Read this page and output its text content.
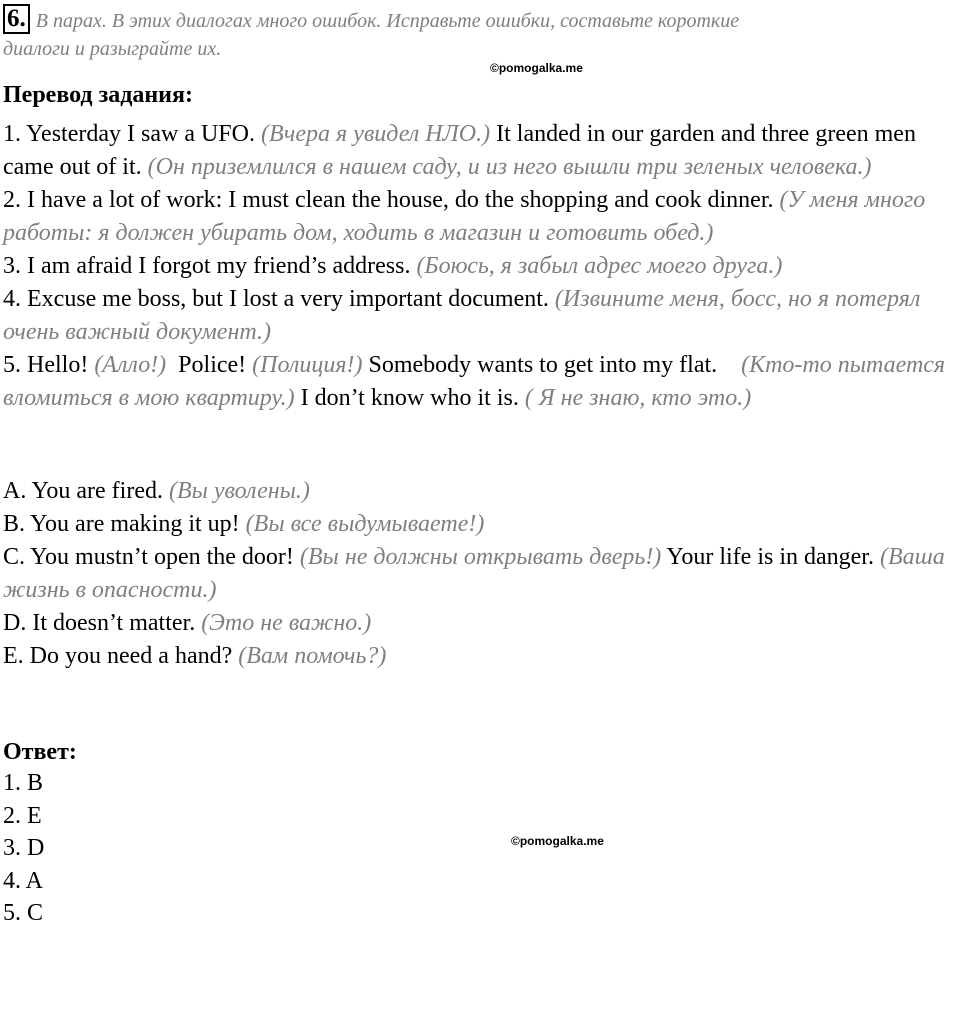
6. В парах. В этих диалогах много ошибок. Исправьте ошибки, составьте короткие
диалоги и разыграйте их.
Перевод задания:
1. Yesterday I saw a UFO. (Вчера я увидел НЛО.) It landed in our garden and three green men came out of it. (Он приземлился в нашем саду, и из него вышли три зеленых человека.)
2. I have a lot of work: I must clean the house, do the shopping and cook dinner. (У меня много работы: я должен убирать дом, ходить в магазин и готовить обед.)
3. I am afraid I forgot my friend’s address. (Боюсь, я забыл адрес моего друга.)
4. Excuse me boss, but I lost a very important document. (Извините меня, босс, но я потерял очень важный документ.)
5. Hello! (Алло!)  Police! (Полиция!) Somebody wants to get into my flat.    (Кто-то пытается вломиться в мою квартиру.) I don’t know who it is. ( Я не знаю, кто это.)
A. You are fired. (Вы уволены.)
B. You are making it up! (Вы все выдумываете!)
C. You mustn’t open the door! (Вы не должны открывать дверь!) Your life is in danger. (Ваша жизнь в опасности.)
D. It doesn’t matter. (Это не важно.)
E. Do you need a hand? (Вам помочь?)
Ответ:
1. B
2. E
3. D
4. A
5. C
©pomogalka.me
©pomogalka.me
